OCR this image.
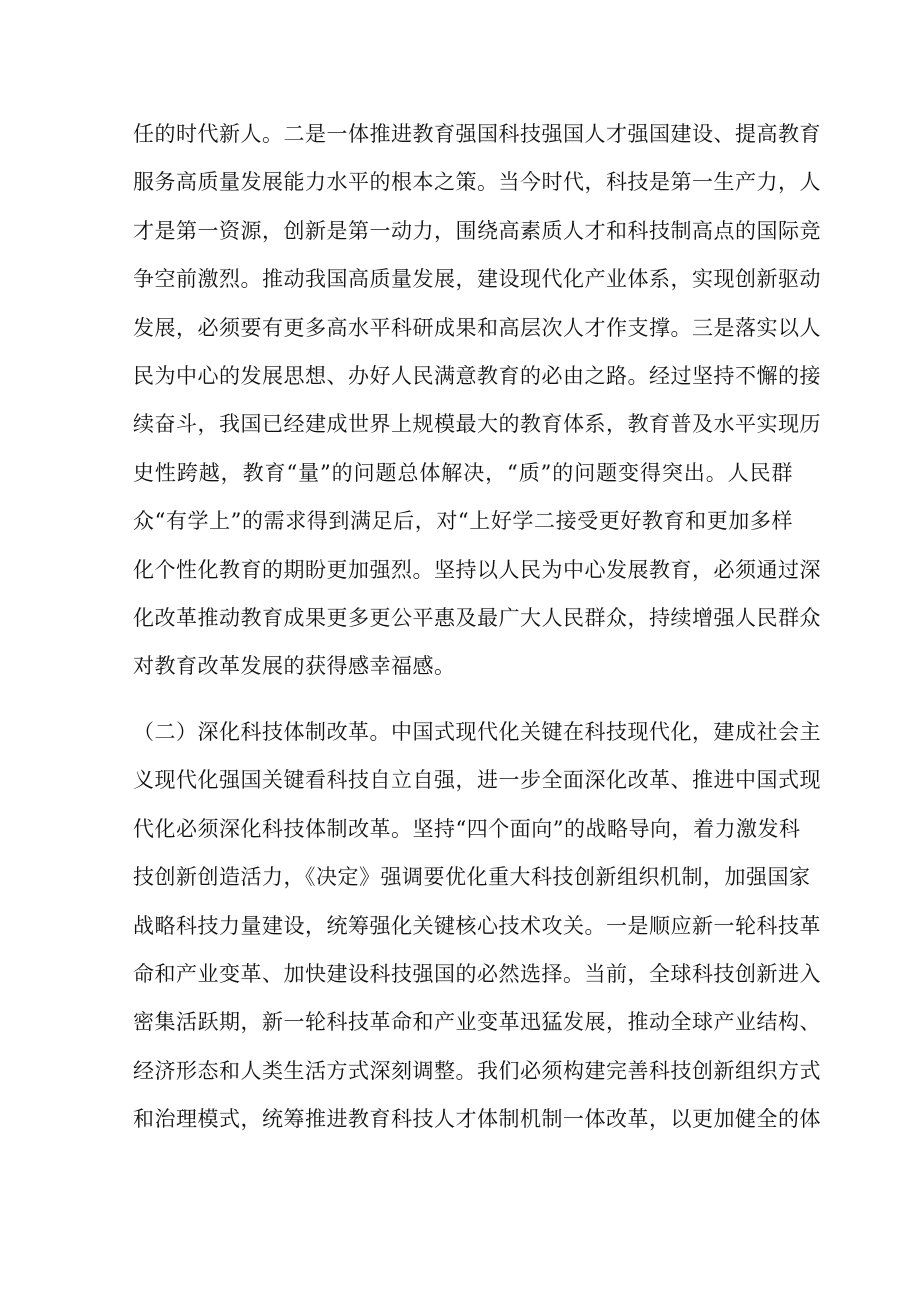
任的时代新人。二是一体推进教育强国科技强国人才强国建设、提高教育
服务高质量发展能力水平的根本之策。当今时代，科技是第一生产力，人
才是第一资源，创新是第一动力，围绕高素质人才和科技制高点的国际竞
争空前激烈。推动我国高质量发展，建设现代化产业体系，实现创新驱动
发展，必须要有更多高水平科研成果和高层次人才作支撑。三是落实以人
民为中心的发展思想、办好人民满意教育的必由之路。经过坚持不懈的接
续奋斗，我国已经建成世界上规模最大的教育体系，教育普及水平实现历
史性跨越，教育“量”的问题总体解决，“质”的问题变得突出。人民群
众“有学上”的需求得到满足后，对“上好学二接受更好教育和更加多样
化个性化教育的期盼更加强烈。坚持以人民为中心发展教育，必须通过深
化改革推动教育成果更多更公平惠及最广大人民群众，持续增强人民群众
对教育改革发展的获得感幸福感。
（二）深化科技体制改革。中国式现代化关键在科技现代化，建成社会主
义现代化强国关键看科技自立自强，进一步全面深化改革、推进中国式现
代化必须深化科技体制改革。坚持“四个面向”的战略导向，着力激发科
技创新创造活力，《决定》强调要优化重大科技创新组织机制，加强国家
战略科技力量建设，统筹强化关键核心技术攻关。一是顺应新一轮科技革
命和产业变革、加快建设科技强国的必然选择。当前，全球科技创新进入
密集活跃期，新一轮科技革命和产业变革迅猛发展，推动全球产业结构、
经济形态和人类生活方式深刻调整。我们必须构建完善科技创新组织方式
和治理模式，统筹推进教育科技人才体制机制一体改革，以更加健全的体
